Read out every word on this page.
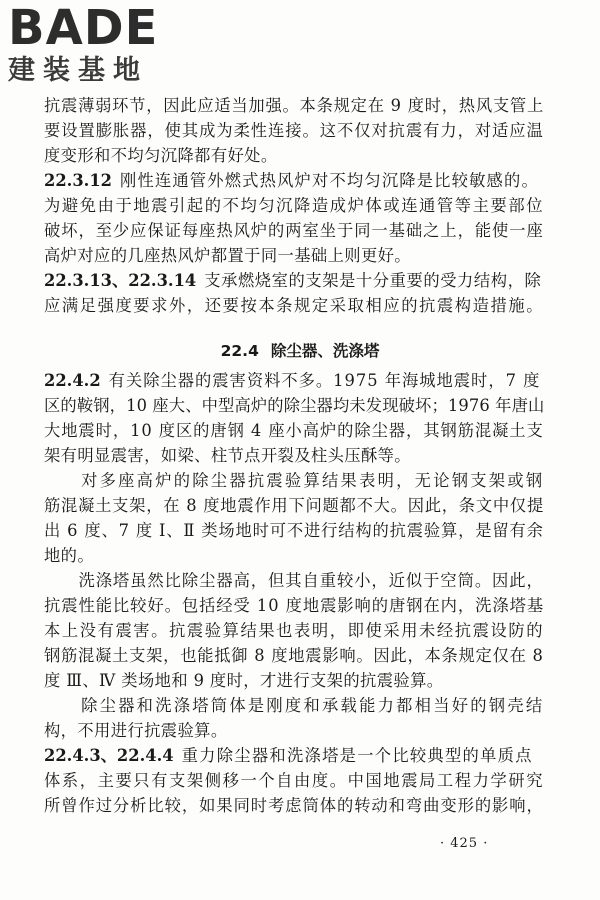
BADE
建装基地
抗震薄弱环节，因此应适当加强。本条规定在 9 度时，热风支管上
要设置膨胀器，使其成为柔性连接。这不仅对抗震有力，对适应温
度变形和不均匀沉降都有好处。
22.3.12 刚性连通管外燃式热风炉对不均匀沉降是比较敏感的。
为避免由于地震引起的不均匀沉降造成炉体或连通管等主要部位
破坏，至少应保证每座热风炉的两室坐于同一基础之上，能使一座
高炉对应的几座热风炉都置于同一基础上则更好。
22.3.13、22.3.14 支承燃烧室的支架是十分重要的受力结构，除
应满足强度要求外，还要按本条规定采取相应的抗震构造措施。
22.4.2 有关除尘器的震害资料不多。1975 年海城地震时，7 度
区的鞍钢，10 座大、中型高炉的除尘器均未发现破坏；1976 年唐山
大地震时，10 度区的唐钢 4 座小高炉的除尘器，其钢筋混凝土支
架有明显震害，如梁、柱节点开裂及柱头压酥等。
　　对多座高炉的除尘器抗震验算结果表明，无论钢支架或钢
筋混凝土支架，在 8 度地震作用下问题都不大。因此，条文中仅提
出 6 度、7 度 Ⅰ、Ⅱ 类场地时可不进行结构的抗震验算，是留有余
地的。
　　洗涤塔虽然比除尘器高，但其自重较小，近似于空筒。因此，
抗震性能比较好。包括经受 10 度地震影响的唐钢在内，洗涤塔基
本上没有震害。抗震验算结果也表明，即使采用未经抗震设防的
钢筋混凝土支架，也能抵御 8 度地震影响。因此，本条规定仅在 8
度 Ⅲ、Ⅳ 类场地和 9 度时，才进行支架的抗震验算。
　　除尘器和洗涤塔筒体是刚度和承载能力都相当好的钢壳结
构，不用进行抗震验算。
22.4.3、22.4.4 重力除尘器和洗涤塔是一个比较典型的单质点
体系，主要只有支架侧移一个自由度。中国地震局工程力学研究
所曾作过分析比较，如果同时考虑筒体的转动和弯曲变形的影响，
22.4 除尘器、洗涤塔
· 425 ·
